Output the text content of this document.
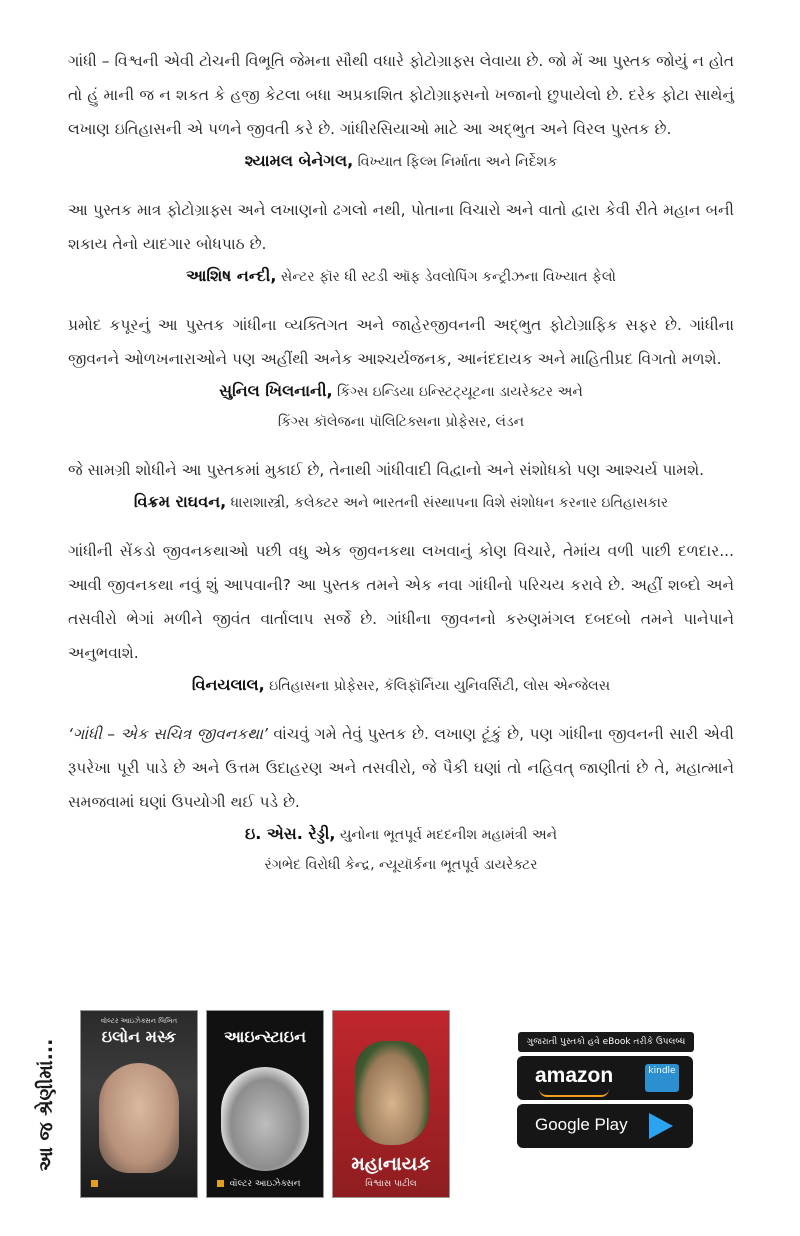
ગાંધી – વિશ્વની એવી ટોચની વિભૂતિ જેમના સૌથી વધારે ફોટોગ્રાફ્સ લેવાયા છે. જો મેં આ પુસ્તક જોયું ન હોત તો હું માની જ ન શકત કે હજી કેટલા બધા અપ્રકાશિત ફોટોગ્રાફ્સનો ખજાનો છુપાયેલો છે. દરેક ફોટા સાથેનું લખાણ ઇતિહાસની એ પળને જીવતી કરે છે. ગાંધીરસિયાઓ માટે આ અદ્ભુત અને વિરલ પુસ્તક છે.

શ્યામલ બેનેગલ, વિખ્યાત ફિલ્મ નિર્માતા અને નિર્દેશક

આ પુસ્તક માત્ર ફોટોગ્રાફ્સ અને લખાણનો ઢગલો નથી, પોતાના વિચારો અને વાતો દ્વારા કેવી રીતે મહાન બની શકાય તેનો યાદગાર બોધપાઠ છે.

આશિષ નન્દી, સેન્ટર ફૉર ધી સ્ટડી ઑફ ડેવલોપિંગ કન્ટ્રીઝના વિખ્યાત ફેલો

પ્રમોદ કપૂરનું આ પુસ્તક ગાંધીના વ્યક્તિગત અને જાહેરજીવનની અદ્ભુત ફોટોગ્રાફિક સફર છે. ગાંધીના જીવનને ઓળખનારાઓને પણ અહીંથી અનેક આશ્ચર્યજનક, આનંદદાયક અને માહિતીપ્રદ વિગતો મળશે.

સુનિલ ખિલનાની, કિંગ્સ ઇન્ડિયા ઇન્સ્ટિટ્યૂટના ડાયરેક્ટર અને
કિંગ્સ કૉલેજના પૉલિટિક્સના પ્રોફેસર, લંડન

જે સામગ્રી શોધીને આ પુસ્તકમાં મુકાઈ છે, તેનાથી ગાંધીવાદી વિદ્વાનો અને સંશોધકો પણ આશ્ચર્ય પામશે.

વિક્રમ રાઘવન, ધારાશાસ્ત્રી, કલેક્ટર અને ભારતની સંસ્થાપના વિશે સંશોધન કરનાર ઇતિહાસકાર

ગાંધીની સેંકડો જીવનકથાઓ પછી વધુ એક જીવનકથા લખવાનું કોણ વિચારે, તેમાંય વળી પાછી દળદાર... આવી જીવનકથા નવું શું આપવાની? આ પુસ્તક તમને એક નવા ગાંધીનો પરિચય કરાવે છે. અહીં શબ્દો અને તસવીરો ભેગાં મળીને જીવંત વાર્તાલાપ સર્જે છે. ગાંધીના જીવનનો કરુણમંગલ દબદબો તમને પાનેપાને અનુભવાશે.

વિનયલાલ, ઇતિહાસના પ્રોફેસર, કૅલિફૉર્નિયા યુનિવર્સિટી, લોસ એન્જેલસ

‘ગાંધી – એક સચિત્ર જીવનકથા’ વાંચવું ગમે તેવું પુસ્તક છે. લખાણ ટૂંકું છે, પણ ગાંધીના જીવનની સારી એવી રૂપરેખા પૂરી પાડે છે અને ઉત્તમ ઉદાહરણ અને તસવીરો, જે પૈકી ઘણાં તો નહિવત્ જાણીતાં છે તે, મહાત્માને સમજવામાં ઘણાં ઉપયોગી થઈ પડે છે.

ઇ. એસ. રેડ્ડી, યુનોના ભૂતપૂર્વ મદદનીશ મહામંત્રી અને
રંગભેદ વિરોધી કેન્દ્ર, ન્યૂયૉર્કના ભૂતપૂર્વ ડાયરેક્ટર

આ જ શ્રેણીમાં...
વૉલ્ટર આઇઝેક્સન લિખિત
ઇલોન મસ્ક	આઇન્સ્ટાઇન
વૉલ્ટર આઇઝેક્સન
મહાનાયક
વિશ્વાસ પાટીલ
ગુજરાતી પુસ્તકો હવે eBook તરીકે ઉપલબ્ધ
amazon	kindle
Google Play
